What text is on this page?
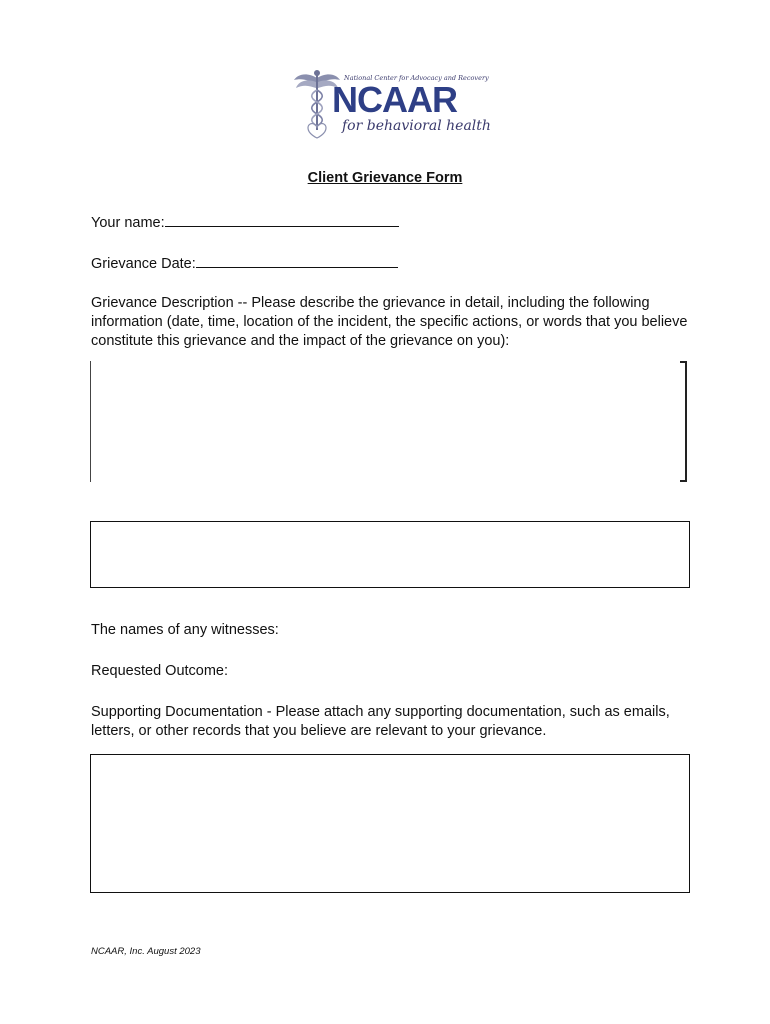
National Center for Advocacy and Recovery
NCAAR
for behavioral health
Client Grievance Form
Your name:
Grievance Date:
Grievance Description -- Please describe the grievance in detail, including the following information (date, time, location of the incident, the specific actions, or words that you believe constitute this grievance and the impact of the grievance on you):
The names of any witnesses:
Requested Outcome:
Supporting Documentation - Please attach any supporting documentation, such as emails, letters, or other records that you believe are relevant to your grievance.
NCAAR, Inc. August 2023
